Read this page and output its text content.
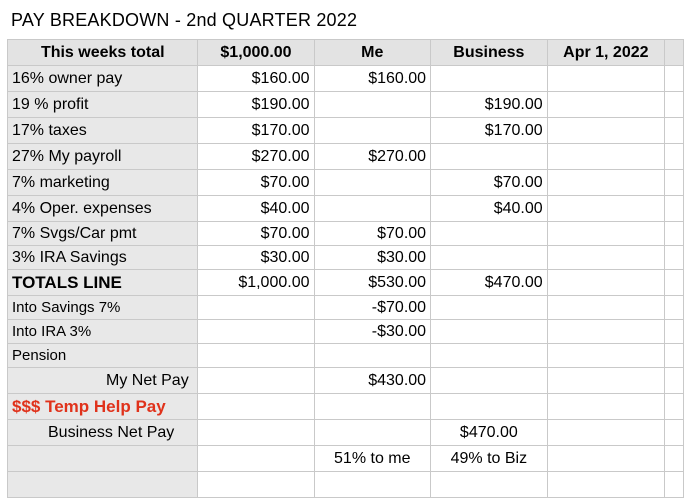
PAY BREAKDOWN - 2nd QUARTER 2022
This weeks total	$1,000.00	Me	Business	Apr 1, 2022	
16% owner pay	$160.00	$160.00			
19 % profit	$190.00		$190.00		
17% taxes	$170.00		$170.00		
27% My payroll	$270.00	$270.00			
7% marketing	$70.00		$70.00		
4% Oper. expenses	$40.00		$40.00		
7% Svgs/Car pmt	$70.00	$70.00			
3% IRA Savings	$30.00	$30.00			
TOTALS LINE	$1,000.00	$530.00	$470.00		
Into Savings 7%		-$70.00			
Into IRA 3%		-$30.00			
Pension					
My Net Pay		$430.00			
$$$ Temp Help Pay					
Business Net Pay			$470.00		
		51% to me	49% to Biz		
